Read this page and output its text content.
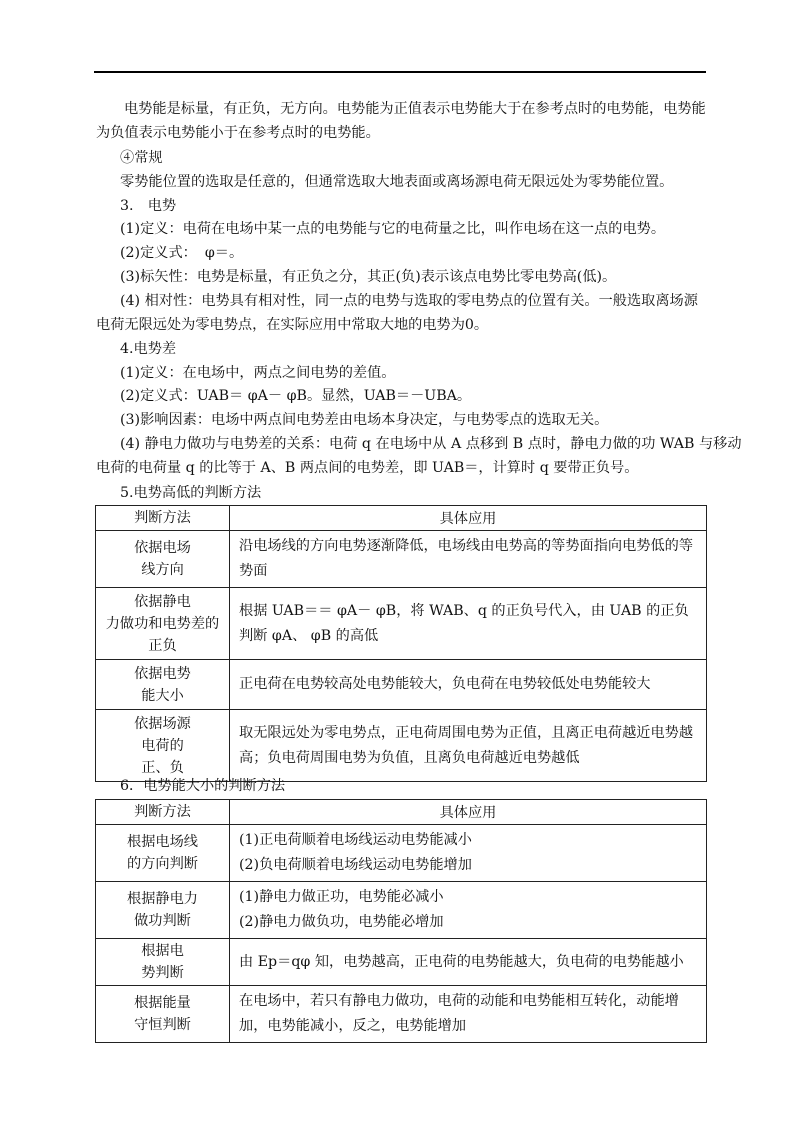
电势能是标量，有正负，无方向。电势能为正值表示电势能大于在参考点时的电势能，电势能
为负值表示电势能小于在参考点时的电势能。
④常规
零势能位置的选取是任意的，但通常选取大地表面或离场源电荷无限远处为零势能位置。
3.　电势
(1)定义：电荷在电场中某一点的电势能与它的电荷量之比，叫作电场在这一点的电势。
(2)定义式： φ＝。
(3)标矢性：电势是标量，有正负之分，其正(负)表示该点电势比零电势高(低)。
(4) 相对性：电势具有相对性，同一点的电势与选取的零电势点的位置有关。一般选取离场源
电荷无限远处为零电势点，在实际应用中常取大地的电势为0。
4.电势差
(1)定义：在电场中，两点之间电势的差值。
(2)定义式：UAB＝ φA－ φB。显然，UAB＝－UBA。
(3)影响因素：电场中两点间电势差由电场本身决定，与电势零点的选取无关。
(4) 静电力做功与电势差的关系：电荷 q 在电场中从 A 点移到 B 点时，静电力做的功 WAB 与移动
电荷的电荷量 q 的比等于 A、B 两点间的电势差，即 UAB＝，计算时 q 要带正负号。
5.电势高低的判断方法
判断方法	具体应用

依据电场
线方向	沿电场线的方向电势逐渐降低，电场线由电势高的等势面指向电势低的等势面

依据静电
力做功和电势差的
正负	根据 UAB＝＝ φA－ φB，将 WAB、q 的正负号代入，由 UAB 的正负判断 φA、 φB 的高低

依据电势
能大小	正电荷在电势较高处电势能较大，负电荷在电势较低处电势能较大

依据场源
电荷的
正、负	取无限远处为零电势点，正电荷周围电势为正值，且离正电荷越近电势越高；负电荷周围电势为负值，且离负电荷越近电势越低
6．电势能大小的判断方法
判断方法	具体应用

根据电场线
的方向判断	(1)正电荷顺着电场线运动电势能减小
(2)负电荷顺着电场线运动电势能增加

根据静电力
做功判断	(1)静电力做正功，电势能必减小
(2)静电力做负功，电势能必增加

根据电
势判断	由 Ep＝qφ 知，电势越高，正电荷的电势能越大，负电荷的电势能越小

根据能量
守恒判断	在电场中，若只有静电力做功，电荷的动能和电势能相互转化，动能增加，电势能减小，反之，电势能增加
